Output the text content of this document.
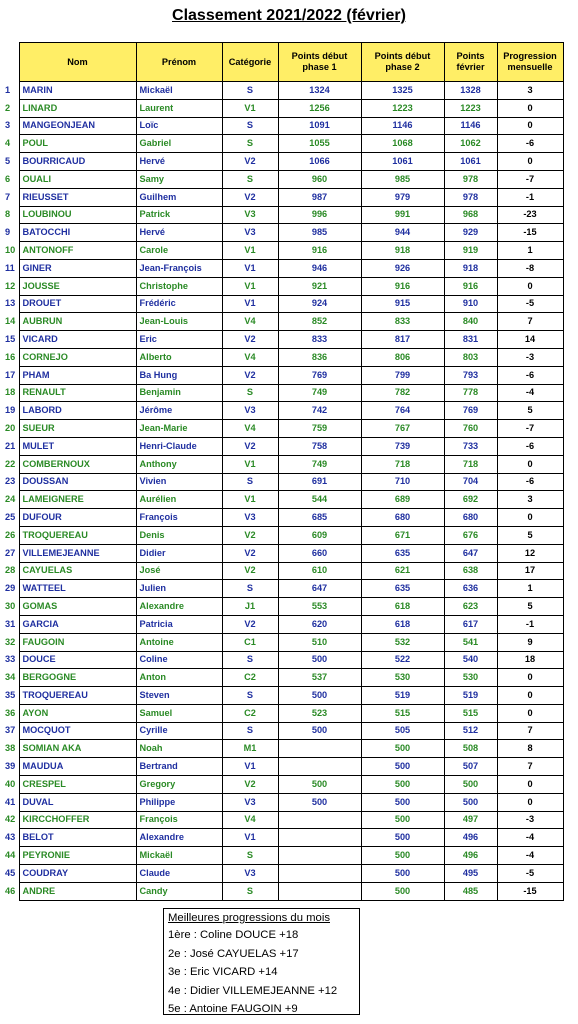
Classement 2021/2022 (février)
	Nom	Prénom	Catégorie	Points début phase 1	Points début phase 2	Points février	Progression mensuelle
1	MARIN	Mickaël	S	1324	1325	1328	3
2	LINARD	Laurent	V1	1256	1223	1223	0
3	MANGEONJEAN	Loïc	S	1091	1146	1146	0
4	POUL	Gabriel	S	1055	1068	1062	-6
5	BOURRICAUD	Hervé	V2	1066	1061	1061	0
6	OUALI	Samy	S	960	985	978	-7
7	RIEUSSET	Guilhem	V2	987	979	978	-1
8	LOUBINOU	Patrick	V3	996	991	968	-23
9	BATOCCHI	Hervé	V3	985	944	929	-15
10	ANTONOFF	Carole	V1	916	918	919	1
11	GINER	Jean-François	V1	946	926	918	-8
12	JOUSSE	Christophe	V1	921	916	916	0
13	DROUET	Frédéric	V1	924	915	910	-5
14	AUBRUN	Jean-Louis	V4	852	833	840	7
15	VICARD	Eric	V2	833	817	831	14
16	CORNEJO	Alberto	V4	836	806	803	-3
17	PHAM	Ba Hung	V2	769	799	793	-6
18	RENAULT	Benjamin	S	749	782	778	-4
19	LABORD	Jérôme	V3	742	764	769	5
20	SUEUR	Jean-Marie	V4	759	767	760	-7
21	MULET	Henri-Claude	V2	758	739	733	-6
22	COMBERNOUX	Anthony	V1	749	718	718	0
23	DOUSSAN	Vivien	S	691	710	704	-6
24	LAMEIGNERE	Aurélien	V1	544	689	692	3
25	DUFOUR	François	V3	685	680	680	0
26	TROQUEREAU	Denis	V2	609	671	676	5
27	VILLEMEJEANNE	Didier	V2	660	635	647	12
28	CAYUELAS	José	V2	610	621	638	17
29	WATTEEL	Julien	S	647	635	636	1
30	GOMAS	Alexandre	J1	553	618	623	5
31	GARCIA	Patricia	V2	620	618	617	-1
32	FAUGOIN	Antoine	C1	510	532	541	9
33	DOUCE	Coline	S	500	522	540	18
34	BERGOGNE	Anton	C2	537	530	530	0
35	TROQUEREAU	Steven	S	500	519	519	0
36	AYON	Samuel	C2	523	515	515	0
37	MOCQUOT	Cyrille	S	500	505	512	7
38	SOMIAN AKA	Noah	M1		500	508	8
39	MAUDUA	Bertrand	V1		500	507	7
40	CRESPEL	Gregory	V2	500	500	500	0
41	DUVAL	Philippe	V3	500	500	500	0
42	KIRCCHOFFER	François	V4		500	497	-3
43	BELOT	Alexandre	V1		500	496	-4
44	PEYRONIE	Mickaël	S		500	496	-4
45	COUDRAY	Claude	V3		500	495	-5
46	ANDRE	Candy	S		500	485	-15
Meilleures progressions du mois
1ère : Coline DOUCE +18
2e : José CAYUELAS +17
3e : Eric VICARD +14
4e : Didier VILLEMEJEANNE +12
5e : Antoine FAUGOIN +9
